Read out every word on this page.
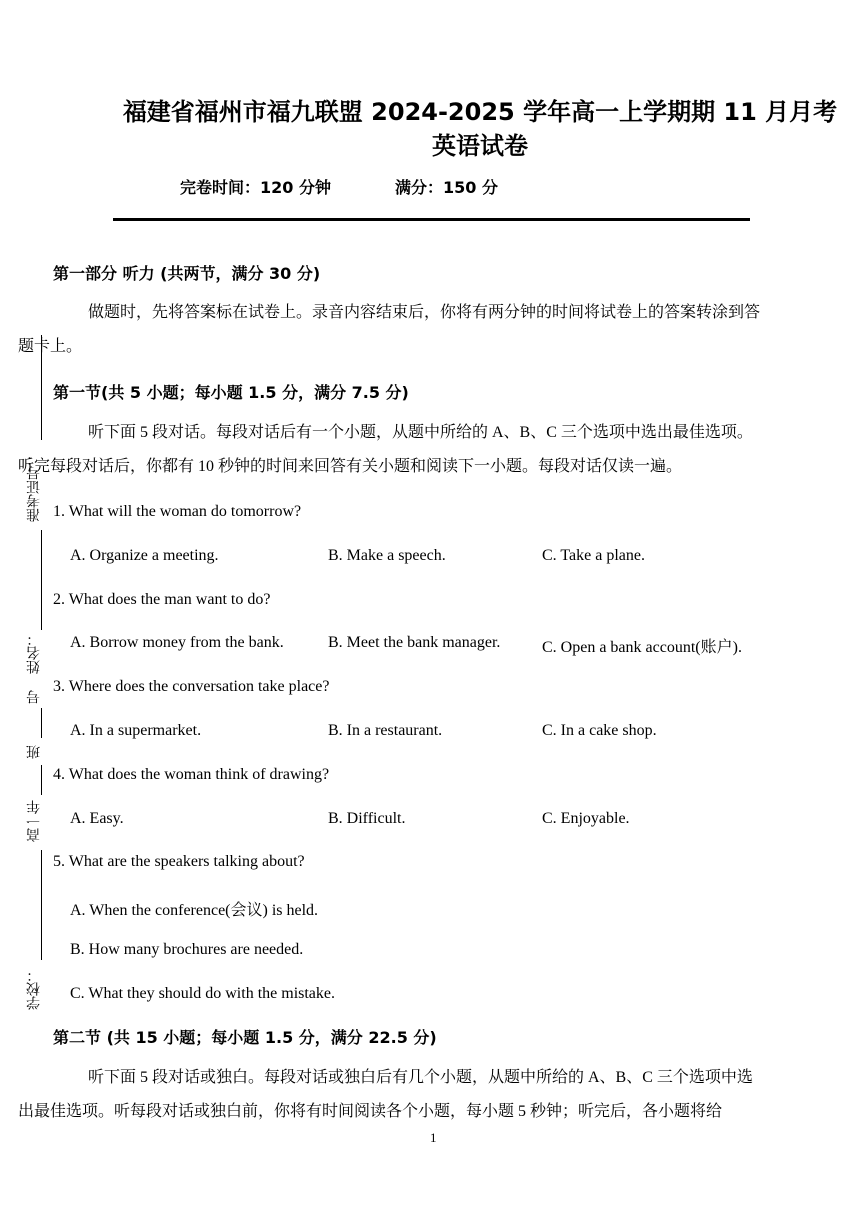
福建省福州市福九联盟 2024-2025 学年高一上学期期 11 月月考
英语试卷
完卷时间：120 分钟	满分：150 分
准考证号：
姓名：
号
班
高一年
学校：
第一部分 听力 (共两节，满分 30 分)
做题时，先将答案标在试卷上。录音内容结束后，你将有两分钟的时间将试卷上的答案转涂到答
题卡上。
第一节(共 5 小题；每小题 1.5 分，满分 7.5 分)
听下面 5 段对话。每段对话后有一个小题，从题中所给的 A、B、C 三个选项中选出最佳选项。
听完每段对话后，你都有 10 秒钟的时间来回答有关小题和阅读下一小题。每段对话仅读一遍。
1. What will the woman do tomorrow?
A. Organize a meeting.	B. Make a speech.	C. Take a plane.
2. What does the man want to do?
A. Borrow money from the bank.	B. Meet the bank manager.	C. Open a bank account(账户).
3. Where does the conversation take place?
A. In a supermarket.	B. In a restaurant.	C. In a cake shop.
4. What does the woman think of drawing?
A. Easy.	B. Difficult.	C. Enjoyable.
5. What are the speakers talking about?
A. When the conference(会议) is held.
B. How many brochures are needed.
C. What they should do with the mistake.
第二节 (共 15 小题；每小题 1.5 分，满分 22.5 分)
听下面 5 段对话或独白。每段对话或独白后有几个小题，从题中所给的 A、B、C 三个选项中选
出最佳选项。听每段对话或独白前，你将有时间阅读各个小题，每小题 5 秒钟；听完后，各小题将给
1
